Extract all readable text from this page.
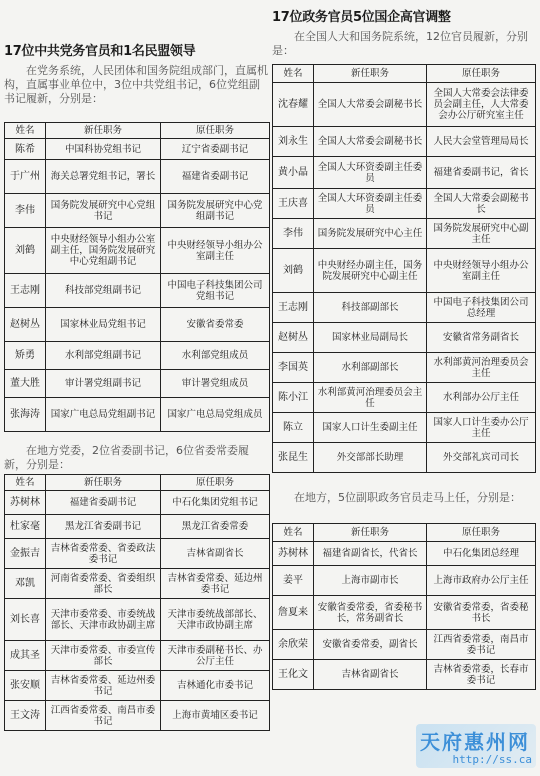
17位中共党务官员和1名民盟领导

在党务系统，人民团体和国务院组成部门，直属机构，直属事业单位中，3位中共党组书记，6位党组副书记履新，分别是：

姓名	新任职务	原任职务
陈希	中国科协党组书记	辽宁省委副书记
于广州	海关总署党组书记，署长	福建省委副书记
李伟	国务院发展研究中心党组书记	国务院发展研究中心党组副书记
刘鹤	中央财经领导小组办公室副主任，国务院发展研究中心党组副书记	中央财经领导小组办公室副主任
王志刚	科技部党组副书记	中国电子科技集团公司党组书记
赵树丛	国家林业局党组书记	安徽省委常委
矫勇	水利部党组副书记	水利部党组成员
董大胜	审计署党组副书记	审计署党组成员
张海涛	国家广电总局党组副书记	国家广电总局党组成员

在地方党委，2位省委副书记，6位省委常委履新，分别是：

姓名	新任职务	原任职务
苏树林	福建省委副书记	中石化集团党组书记
杜家毫	黑龙江省委副书记	黑龙江省委常委
金振吉	吉林省委常委、省委政法委书记	吉林省副省长
邓凯	河南省委常委、省委组织部长	吉林省委常委、延边州委书记
刘长喜	天津市委常委、市委统战部长、天津市政协副主席	天津市委统战部部长、天津市政协副主席
成其圣	天津市委常委、市委宣传部长	天津市委副秘书长、办公厅主任
张安顺	吉林省委常委、延边州委书记	吉林通化市委书记
王文涛	江西省委常委、南昌市委书记	上海市黄埔区委书记
17位政务官员5位国企高官调整

在全国人大和国务院系统，12位官员履新，分别是：

姓名	新任职务	原任职务
沈春耀	全国人大常委会副秘书长	全国人大常委会法律委员会副主任，人大常委会办公厅研究室主任
刘永生	全国人大常委会副秘书长	人民大会堂管理局局长
黄小晶	全国人大环资委副主任委员	福建省委副书记，省长
王庆喜	全国人大环资委副主任委员	全国人大常委会副秘书长
李伟	国务院发展研究中心主任	国务院发展研究中心副主任
刘鹤	中央财经办副主任，国务院发展研究中心副主任	中央财经领导小组办公室副主任
王志刚	科技部副部长	中国电子科技集团公司总经理
赵树丛	国家林业局副局长	安徽省常务副省长
李国英	水利部副部长	水利部黄河治理委员会主任
陈小江	水利部黄河治理委员会主任	水利部办公厅主任
陈立	国家人口计生委副主任	国家人口计生委办公厅主任
张昆生	外交部部长助理	外交部礼宾司司长

在地方，5位副职政务官员走马上任，分别是：

姓名	新任职务	原任职务
苏树林	福建省副省长，代省长	中石化集团总经理
姜平	上海市副市长	上海市政府办公厅主任
詹夏来	安徽省委常委，省委秘书长，常务副省长	安徽省委常委，省委秘书长
余欣荣	安徽省委常委，副省长	江西省委常委，南昌市委书记
王化文	吉林省副省长	吉林省委常委，长春市委书记
天府惠州网
http://ss.ca
